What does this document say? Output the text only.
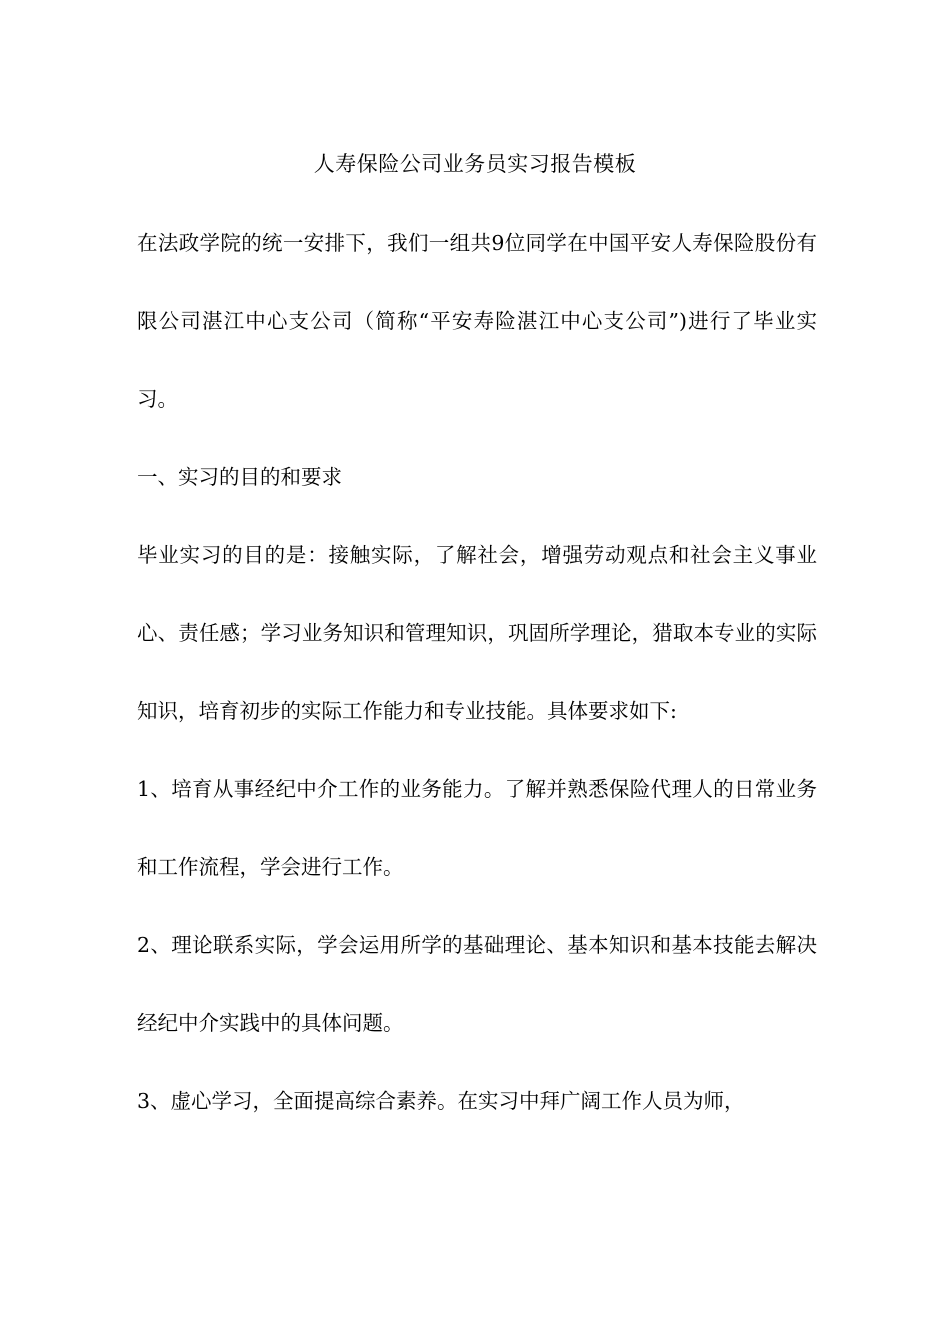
人寿保险公司业务员实习报告模板

在法政学院的统一安排下，我们一组共9位同学在中国平安人寿保险股份有限公司湛江中心支公司（简称“平安寿险湛江中心支公司”)进行了毕业实习。

一、实习的目的和要求

毕业实习的目的是：接触实际，了解社会，增强劳动观点和社会主义事业心、责任感；学习业务知识和管理知识，巩固所学理论，猎取本专业的实际知识，培育初步的实际工作能力和专业技能。具体要求如下:

1、培育从事经纪中介工作的业务能力。了解并熟悉保险代理人的日常业务和工作流程，学会进行工作。

2、理论联系实际，学会运用所学的基础理论、基本知识和基本技能去解决经纪中介实践中的具体问题。

3、虚心学习，全面提高综合素养。在实习中拜广阔工作人员为师，
